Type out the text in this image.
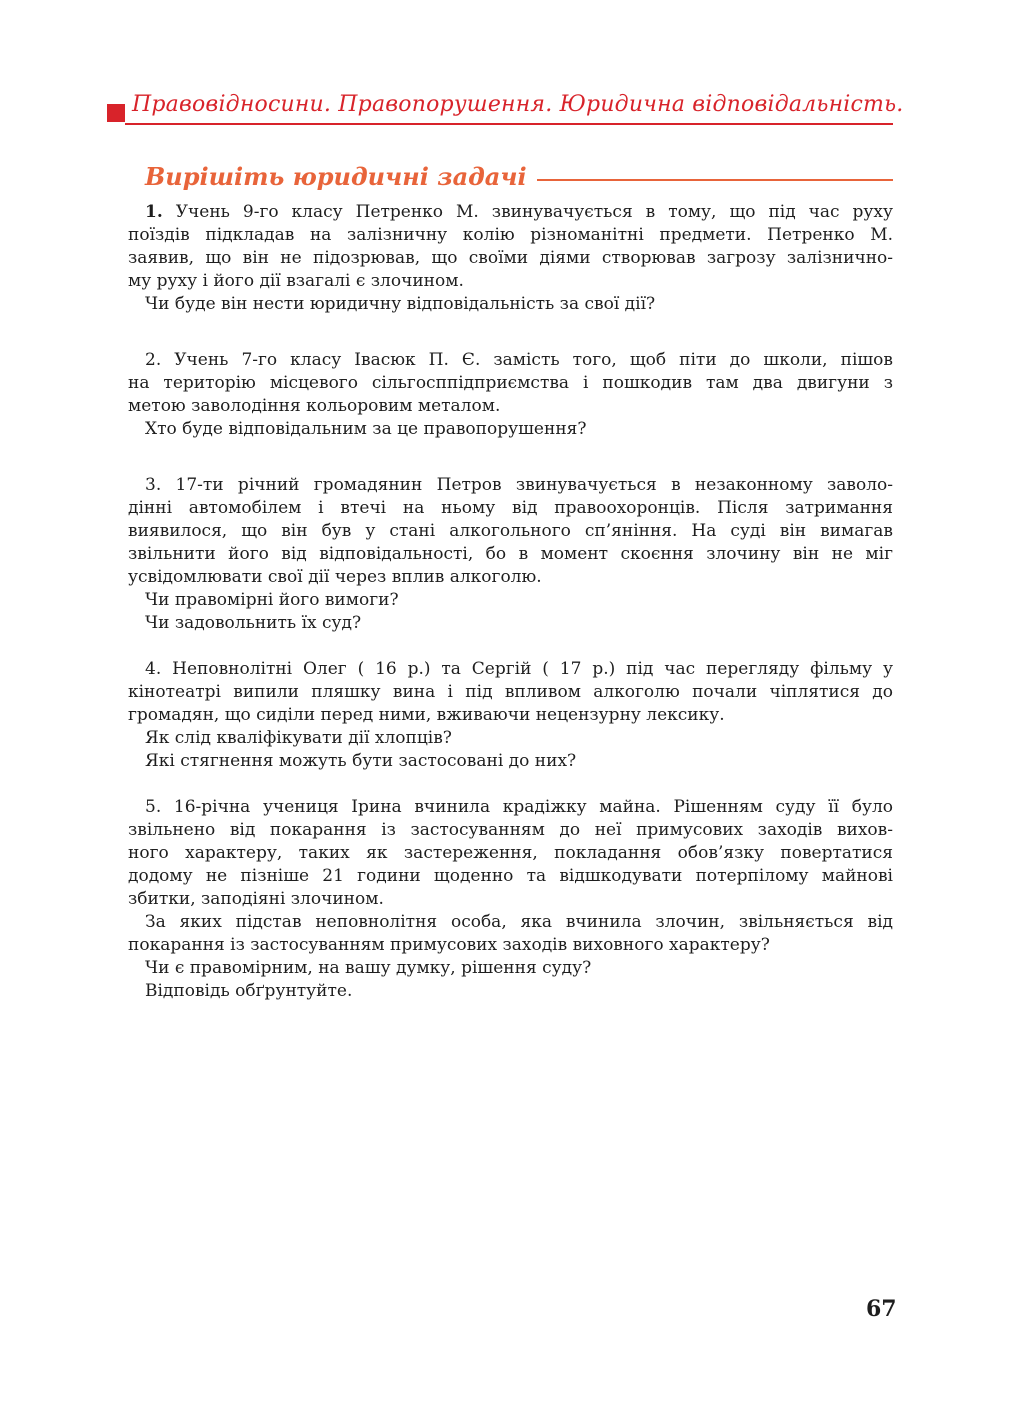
Правовідносини. Правопорушення. Юридична відповідальність.
Вирішіть юридичні задачі
1. Учень 9-го класу Петренко М. звинувачується в тому, що під час руху
поїздів підкладав на залізничну колію різноманітні предмети. Петренко М.
заявив, що він не підозрював, що своїми діями створював загрозу залізнично-
му руху і його дії взагалі є злочином.
Чи буде він нести юридичну відповідальність за свої дії?
2. Учень 7-го класу Івасюк П. Є. замість того, щоб піти до школи, пішов
на територію місцевого сільгосппідприємства і пошкодив там два двигуни з
метою заволодіння кольоровим металом.
Хто буде відповідальним за це правопорушення?
3. 17-ти річний громадянин Петров звинувачується в незаконному заволо-
дінні автомобілем і втечі на ньому від правоохоронців. Після затримання
виявилося, що він був у стані алкогольного сп’яніння. На суді він вимагав
звільнити його від відповідальності, бо в момент скоєння злочину він не міг
усвідомлювати свої дії через вплив алкоголю.
Чи правомірні його вимоги?
Чи задовольнить їх суд?
4. Неповнолітні Олег ( 16 р.) та Сергій ( 17 р.) під час перегляду фільму у
кінотеатрі випили пляшку вина і під впливом алкоголю почали чіплятися до
громадян, що сиділи перед ними, вживаючи нецензурну лексику.
Як слід кваліфікувати дії хлопців?
Які стягнення можуть бути застосовані до них?
5. 16-річна учениця Ірина вчинила крадіжку майна. Рішенням суду її було
звільнено від покарання із застосуванням до неї примусових заходів вихов-
ного характеру, таких як застереження, покладання обов’язку повертатися
додому не пізніше 21 години щоденно та відшкодувати потерпілому майнові
збитки, заподіяні злочином.
За яких підстав неповнолітня особа, яка вчинила злочин, звільняється від
покарання із застосуванням примусових заходів виховного характеру?
Чи є правомірним, на вашу думку, рішення суду?
Відповідь обґрунтуйте.
67
